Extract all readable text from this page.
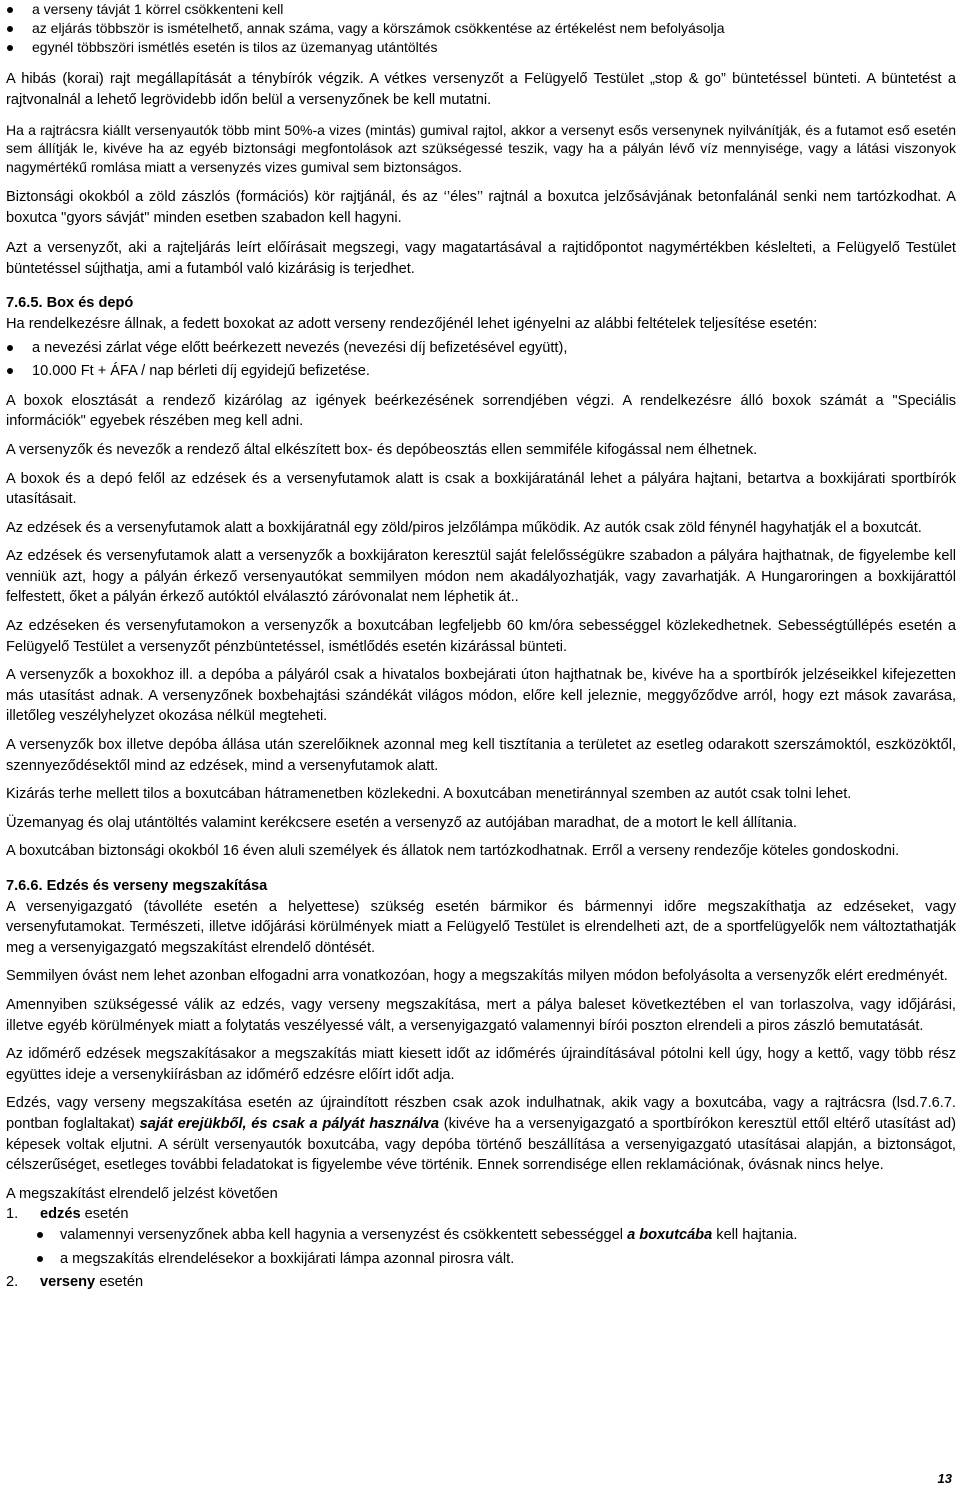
a verseny távját 1 körrel csökkenteni kell
az eljárás többször is ismételhető, annak száma, vagy a körszámok csökkentése az értékelést nem befolyásolja
egynél többszöri ismétlés esetén is tilos az üzemanyag utántöltés

A hibás (korai) rajt megállapítását a ténybírók végzik. A vétkes versenyzőt a Felügyelő Testület „stop & go” büntetéssel bünteti. A büntetést a rajtvonalnál a lehető legrövidebb időn belül a versenyzőnek be kell mutatni.

Ha a rajtrácsra kiállt versenyautók több mint 50%-a vizes (mintás) gumival rajtol, akkor a versenyt esős versenynek nyilvánítják, és a futamot eső esetén sem állítják le, kivéve ha az egyéb biztonsági megfontolások azt szükségessé teszik, vagy ha a pályán lévő víz mennyisége, vagy a látási viszonyok nagymértékű romlása miatt a versenyzés vizes gumival sem biztonságos.

Biztonsági okokból a zöld zászlós (formációs) kör rajtjánál, és az ‘’éles’’ rajtnál a boxutca jelzősávjának betonfalánál senki nem tartózkodhat. A boxutca "gyors sávját" minden esetben szabadon kell hagyni.

Azt a versenyzőt, aki a rajteljárás leírt előírásait megszegi, vagy magatartásával a rajtidőpontot nagymértékben késlelteti, a Felügyelő Testület büntetéssel sújthatja, ami a futamból való kizárásig is terjedhet.

7.6.5. Box és depó

Ha rendelkezésre állnak, a fedett boxokat az adott verseny rendezőjénél lehet igényelni az alábbi feltételek teljesítése esetén:

a nevezési zárlat vége előtt beérkezett nevezés (nevezési díj befizetésével együtt),
10.000 Ft + ÁFA / nap bérleti díj egyidejű befizetése.

A boxok elosztását a rendező kizárólag az igények beérkezésének sorrendjében végzi. A rendelkezésre álló boxok számát a "Speciális információk" egyebek részében meg kell adni.

A versenyzők és nevezők a rendező által elkészített box- és depóbeosztás ellen semmiféle kifogással nem élhetnek.

A boxok és a depó felől az edzések és a versenyfutamok alatt is csak a boxkijáratánál lehet a pályára hajtani, betartva a boxkijárati sportbírók utasításait.

Az edzések és a versenyfutamok alatt a boxkijáratnál egy zöld/piros jelzőlámpa működik. Az autók csak zöld fénynél hagyhatják el a boxutcát.

Az edzések és versenyfutamok alatt a versenyzők a boxkijáraton keresztül saját felelősségükre szabadon a pályára hajthatnak, de figyelembe kell venniük azt, hogy a pályán érkező versenyautókat semmilyen módon nem akadályozhatják, vagy zavarhatják. A Hungaroringen a boxkijárattól felfestett, őket a pályán érkező autóktól elválasztó záróvonalat nem léphetik át..

Az edzéseken és versenyfutamokon a versenyzők a boxutcában legfeljebb 60 km/óra sebességgel közlekedhetnek. Sebességtúllépés esetén a Felügyelő Testület a versenyzőt pénzbüntetéssel, ismétlődés esetén kizárással bünteti.

A versenyzők a boxokhoz ill. a depóba a pályáról csak a hivatalos boxbejárati úton hajthatnak be, kivéve ha a sportbírók jelzéseikkel kifejezetten más utasítást adnak. A versenyzőnek boxbehajtási szándékát világos módon, előre kell jeleznie, meggyőződve arról, hogy ezt mások zavarása, illetőleg veszélyhelyzet okozása nélkül megteheti.

A versenyzők box illetve depóba állása után szerelőiknek azonnal meg kell tisztítania a területet az esetleg odarakott szerszámoktól, eszközöktől, szennyeződésektől mind az edzések, mind a versenyfutamok alatt.

Kizárás terhe mellett tilos a boxutcában hátramenetben közlekedni. A boxutcában menetiránnyal szemben az autót csak tolni lehet.

Üzemanyag és olaj utántöltés valamint kerékcsere esetén a versenyző az autójában maradhat, de a motort le kell állítania.

A boxutcában biztonsági okokból 16 éven aluli személyek és állatok nem tartózkodhatnak. Erről a verseny rendezője köteles gondoskodni.

7.6.6. Edzés és verseny megszakítása

A versenyigazgató (távollétе esetén a helyettese) szükség esetén bármikor és bármennyi időre megszakíthatja az edzéseket, vagy versenyfutamokat. Természeti, illetve időjárási körülmények miatt a Felügyelő Testület is elrendelheti azt, de a sportfelügyelők nem változtathatják meg a versenyigazgató megszakítást elrendelő döntését.

Semmilyen óvást nem lehet azonban elfogadni arra vonatkozóan, hogy a megszakítás milyen módon befolyásolta a versenyzők elért eredményét.

Amennyiben szükségessé válik az edzés, vagy verseny megszakítása, mert a pálya baleset következtében el van torlaszolva, vagy időjárási, illetve egyéb körülmények miatt a folytatás veszélyessé vált, a versenyigazgató valamennyi bírói poszton elrendeli a piros zászló bemutatását.

Az időmérő edzések megszakításakor a megszakítás miatt kiesett időt az időmérés újraindításával pótolni kell úgy, hogy a kettő, vagy több rész együttes ideje a versenykiírásban az időmérő edzésre előírt időt adja.

Edzés, vagy verseny megszakítása esetén az újraindított részben csak azok indulhatnak, akik vagy a boxutcába, vagy a rajtrácsra (lsd.7.6.7. pontban foglaltakat) saját erejükből, és csak a pályát használva (kivéve ha a versenyigazgató a sportbírókon keresztül ettől eltérő utasítást ad) képesek voltak eljutni. A sérült versenyautók boxutcába, vagy depóba történő beszállítása a versenyigazgató utasításai alapján, a biztonságot, célszerűséget, esetleges további feladatokat is figyelembe véve történik. Ennek sorrendisége ellen reklamációnak, óvásnak nincs helye.

A megszakítást elrendelő jelzést követően

1. edzés esetén
valamennyi versenyzőnek abba kell hagynia a versenyzést és csökkentett sebességgel a boxutcába kell hajtania.
a megszakítás elrendelésekor a boxkijárati lámpa azonnal pirosra vált.
2. verseny esetén
13
